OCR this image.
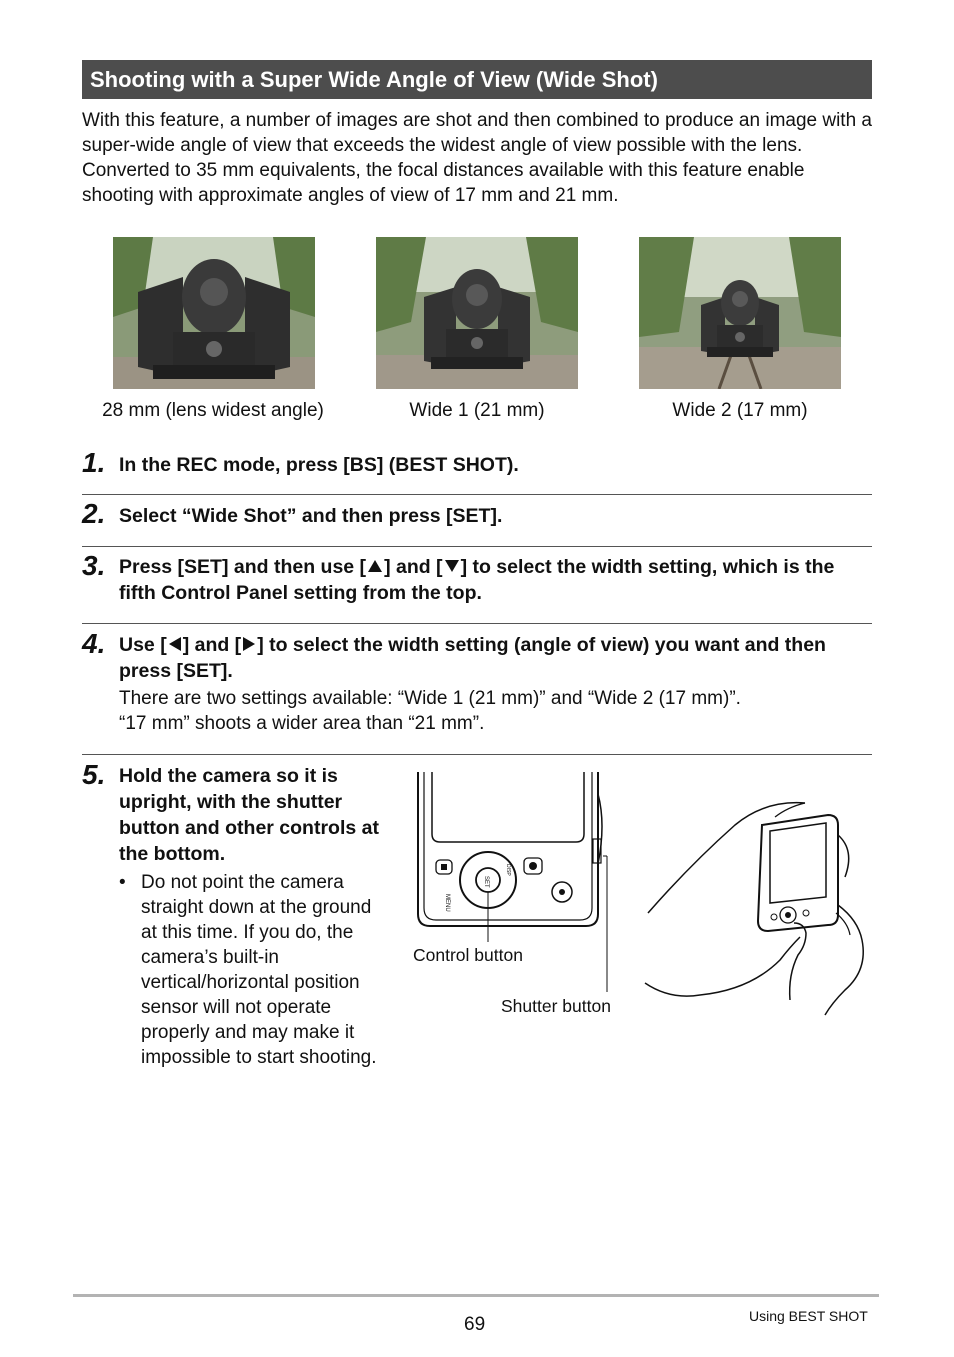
Shooting with a Super Wide Angle of View (Wide Shot)

With this feature, a number of images are shot and then combined to produce an image with a super-wide angle of view that exceeds the widest angle of view possible with the lens. Converted to 35 mm equivalents, the focal distances available with this feature enable shooting with approximate angles of view of 17 mm and 21 mm.

28 mm (lens widest angle)	Wide 1 (21 mm)	Wide 2 (17 mm)
1. In the REC mode, press [BS] (BEST SHOT).
2. Select “Wide Shot” and then press [SET].
3. Press [SET] and then use [ ] and [ ] to select the width setting, which is the fifth Control Panel setting from the top.
4. Use [ ] and [ ] to select the width setting (angle of view) you want and then press [SET].
There are two settings available: “Wide 1 (21 mm)” and “Wide 2 (17 mm)”.
“17 mm” shoots a wider area than “21 mm”.
5. Hold the camera so it is upright, with the shutter button and other controls at the bottom.
• Do not point the camera straight down at the ground at this time. If you do, the camera’s built-in vertical/horizontal position sensor will not operate properly and may make it impossible to start shooting.
MENU
SET
DISP
Control button
Shutter button
69	Using BEST SHOT
